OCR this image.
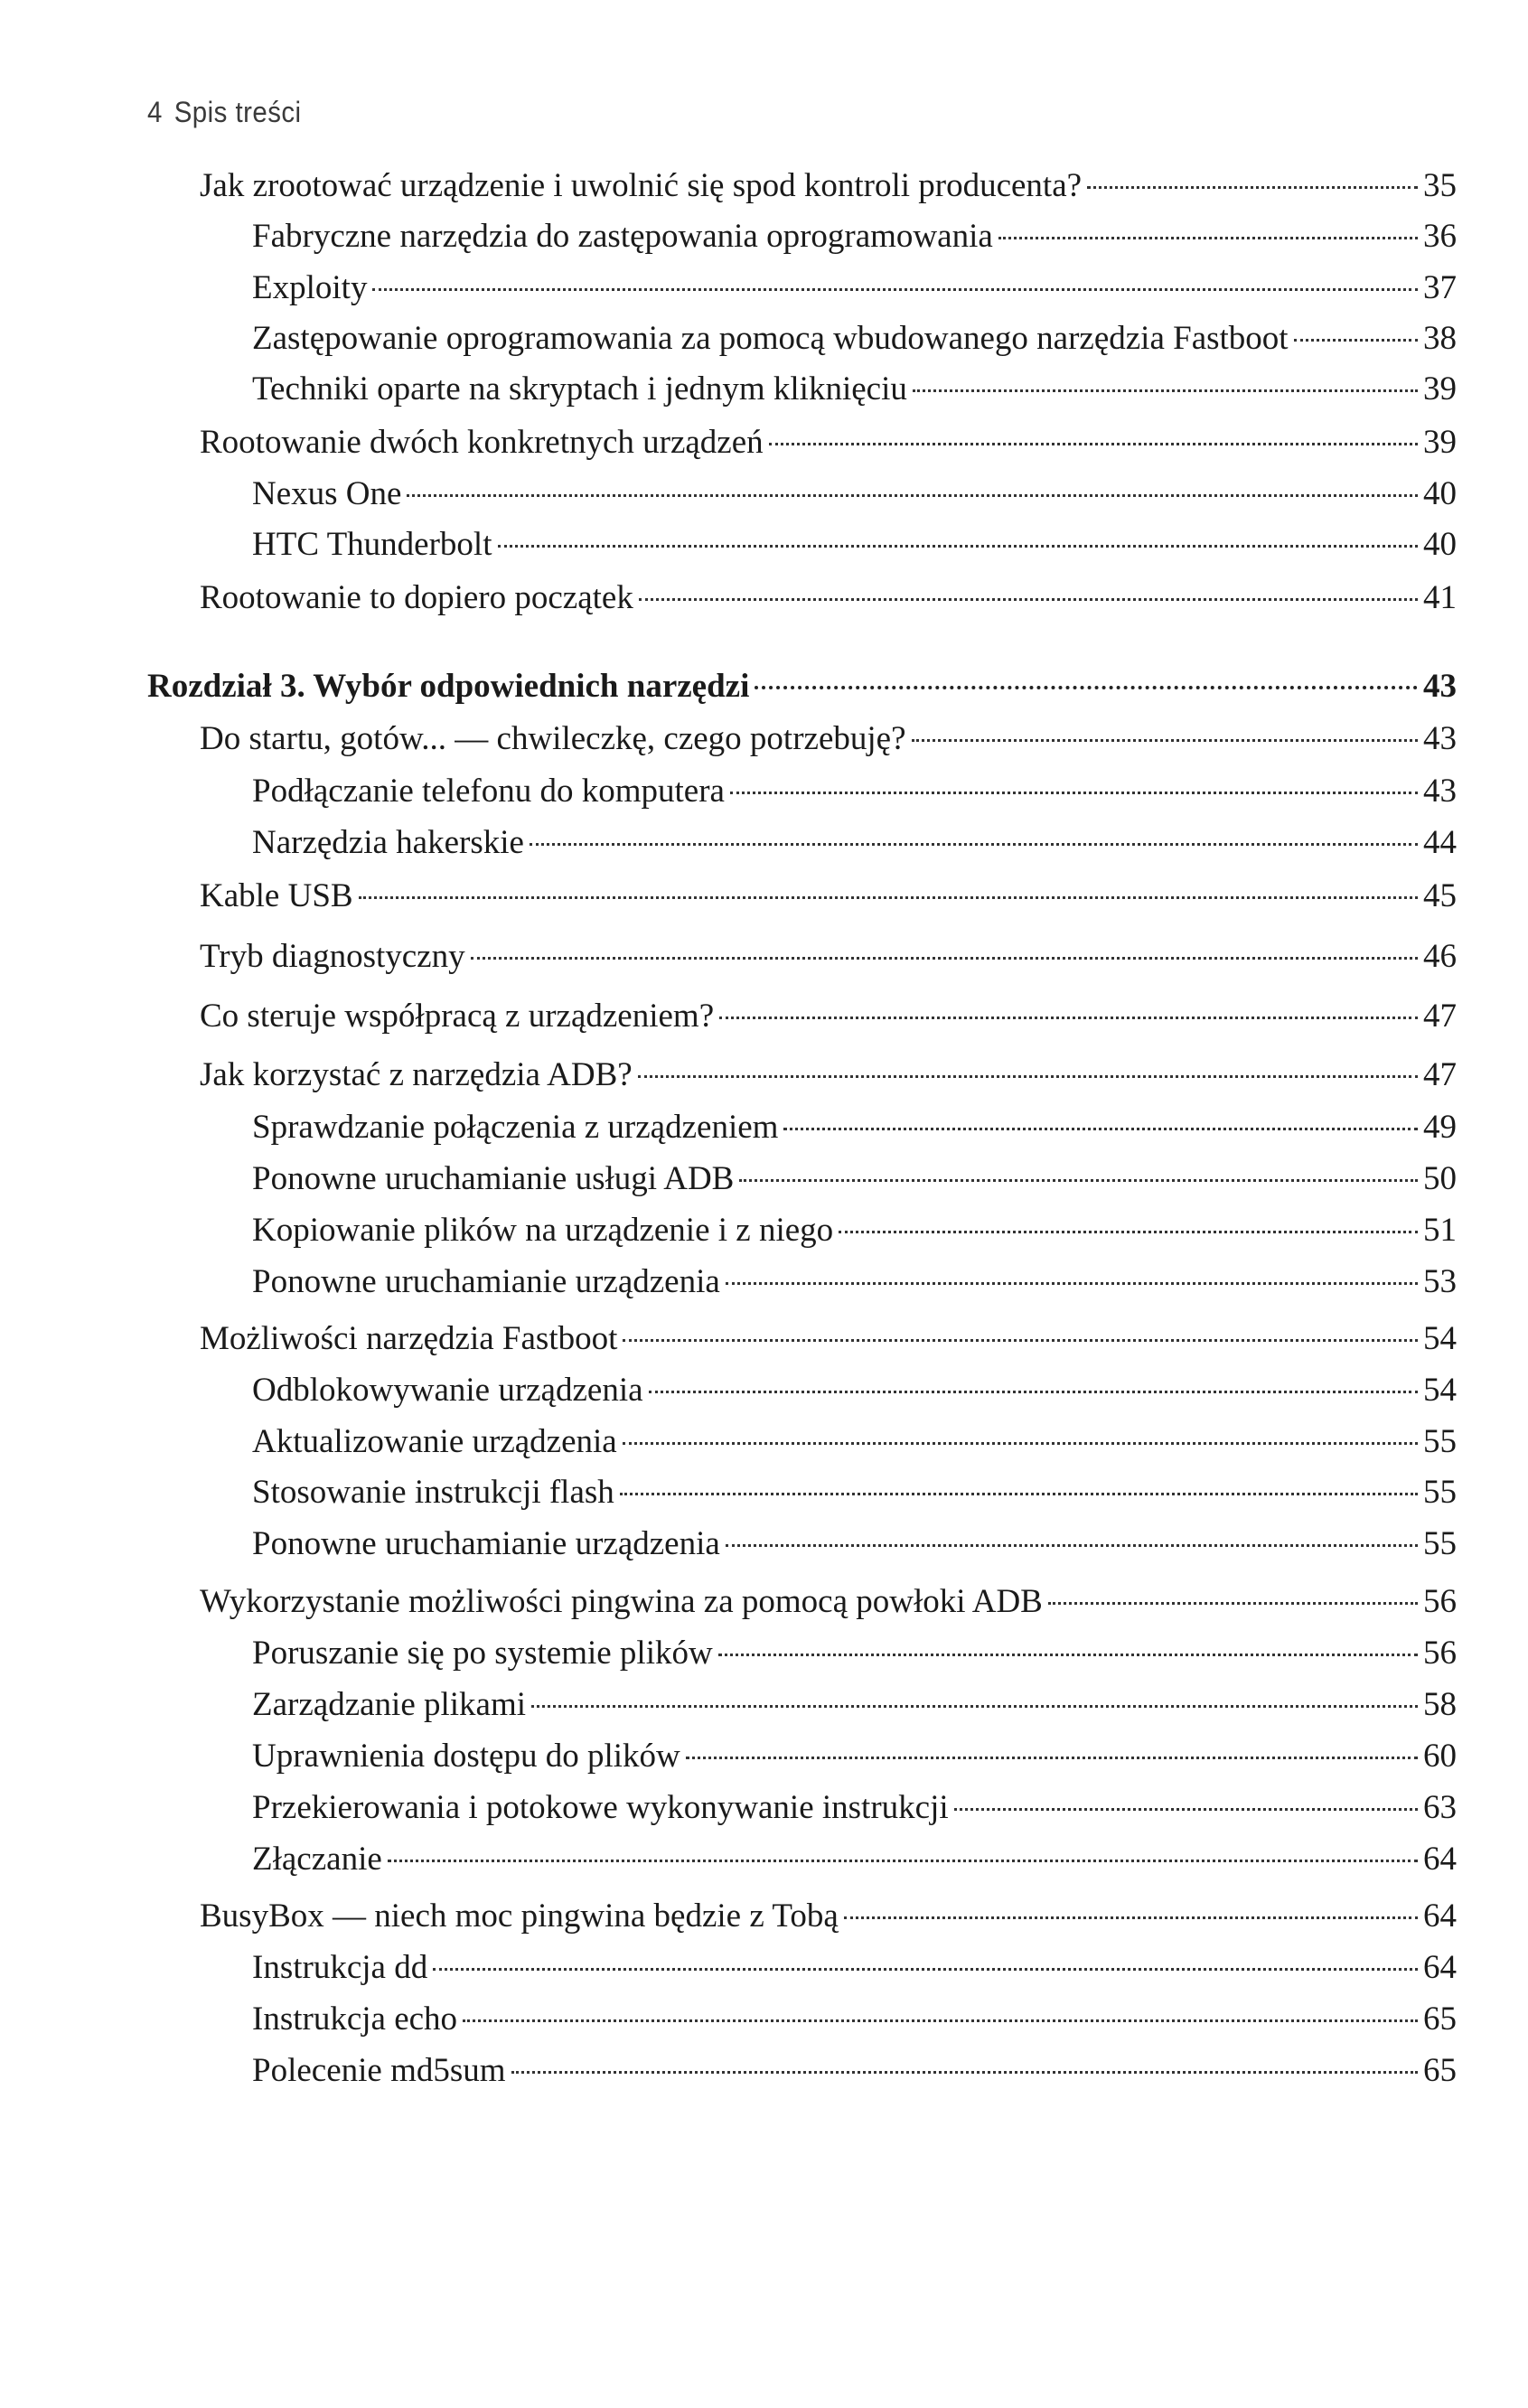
4 Spis treści
Jak zrootować urządzenie i uwolnić się spod kontroli producenta?	35
Fabryczne narzędzia do zastępowania oprogramowania	36
Exploity	37
Zastępowanie oprogramowania za pomocą wbudowanego narzędzia Fastboot	38
Techniki oparte na skryptach i jednym kliknięciu	39
Rootowanie dwóch konkretnych urządzeń	39
Nexus One	40
HTC Thunderbolt	40
Rootowanie to dopiero początek	41
Rozdział 3. Wybór odpowiednich narzędzi	43
Do startu, gotów... — chwileczkę, czego potrzebuję?	43
Podłączanie telefonu do komputera	43
Narzędzia hakerskie	44
Kable USB	45
Tryb diagnostyczny	46
Co steruje współpracą z urządzeniem?	47
Jak korzystać z narzędzia ADB?	47
Sprawdzanie połączenia z urządzeniem	49
Ponowne uruchamianie usługi ADB	50
Kopiowanie plików na urządzenie i z niego	51
Ponowne uruchamianie urządzenia	53
Możliwości narzędzia Fastboot	54
Odblokowywanie urządzenia	54
Aktualizowanie urządzenia	55
Stosowanie instrukcji flash	55
Ponowne uruchamianie urządzenia	55
Wykorzystanie możliwości pingwina za pomocą powłoki ADB	56
Poruszanie się po systemie plików	56
Zarządzanie plikami	58
Uprawnienia dostępu do plików	60
Przekierowania i potokowe wykonywanie instrukcji	63
Złączanie	64
BusyBox — niech moc pingwina będzie z Tobą	64
Instrukcja dd	64
Instrukcja echo	65
Polecenie md5sum	65
